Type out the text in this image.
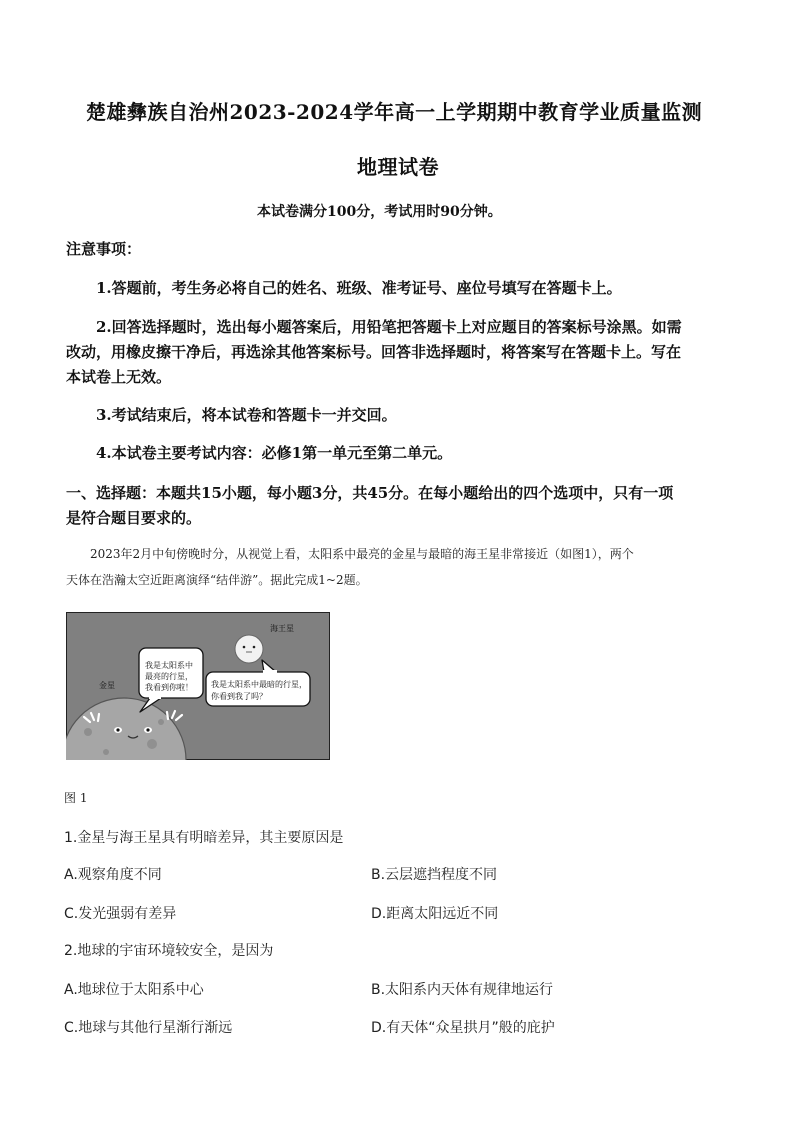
楚雄彝族自治州2023-2024学年高一上学期期中教育学业质量监测
地理试卷
本试卷满分100分，考试用时90分钟。
注意事项：
1.答题前，考生务必将自己的姓名、班级、准考证号、座位号填写在答题卡上。
2.回答选择题时，选出每小题答案后，用铅笔把答题卡上对应题目的答案标号涂黑。如需
改动，用橡皮擦干净后，再选涂其他答案标号。回答非选择题时，将答案写在答题卡上。写在
本试卷上无效。
3.考试结束后，将本试卷和答题卡一并交回。
4.本试卷主要考试内容：必修1第一单元至第二单元。
一、选择题：本题共15小题，每小题3分，共45分。在每小题给出的四个选项中，只有一项
是符合题目要求的。
2023年2月中旬傍晚时分，从视觉上看，太阳系中最亮的金星与最暗的海王星非常接近（如图1），两个
天体在浩瀚太空近距离演绎“结伴游”。据此完成1~2题。
海王星
金星
我是太阳系中
最亮的行星，
我看到你啦！ 我是太阳系中最暗的行星，
你看到我了吗？
图 1
1.金星与海王星具有明暗差异，其主要原因是
A.观察角度不同	B.云层遮挡程度不同
C.发光强弱有差异	D.距离太阳远近不同
2.地球的宇宙环境较安全，是因为
A.地球位于太阳系中心	B.太阳系内天体有规律地运行
C.地球与其他行星渐行渐远	D.有天体“众星拱月”般的庇护
